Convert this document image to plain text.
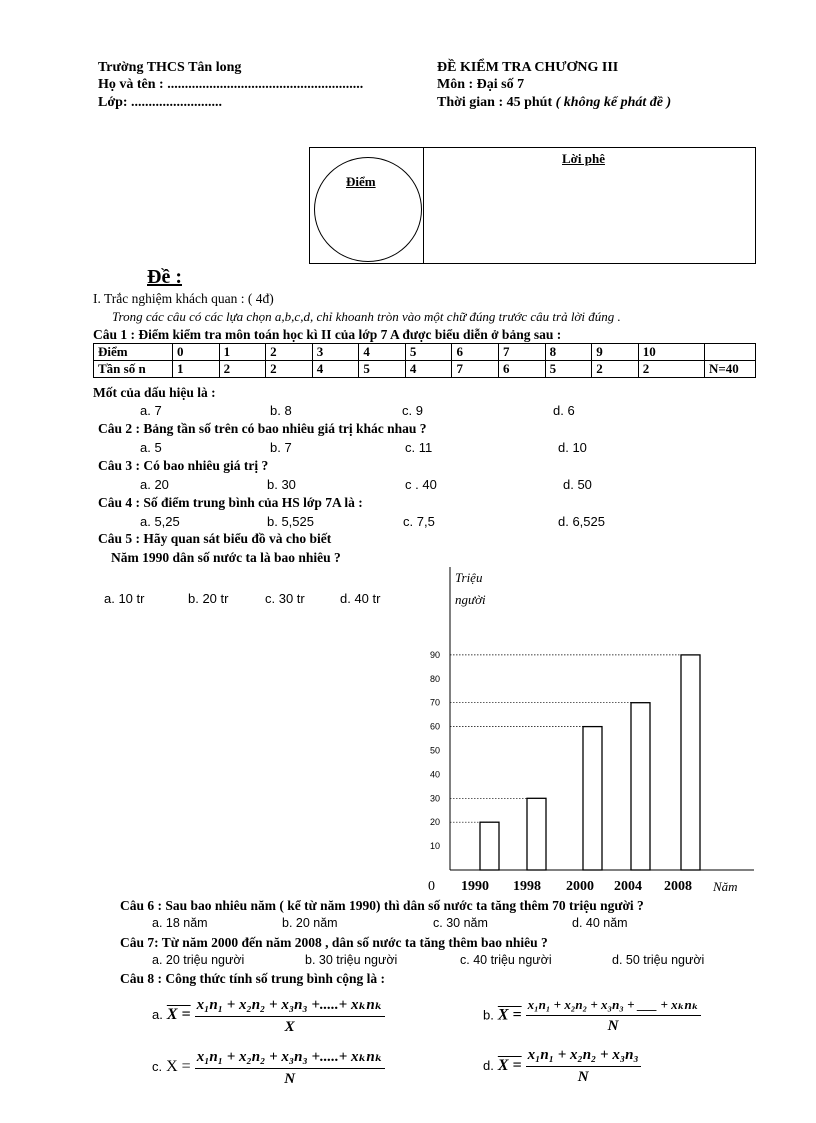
Trường THCS Tân long
Họ và tên : ........................................................
Lớp: ..........................
ĐỀ KIỂM TRA CHƯƠNG III
Môn : Đại số 7
Thời gian : 45 phút ( không kể phát đề )
Điểm
Lời phê
Đề :
I. Trắc nghiệm khách quan : ( 4đ)
Trong các câu có các lựa chọn a,b,c,d, chỉ khoanh tròn vào một chữ đúng trước câu trả lời đúng .
Câu 1 : Điểm kiểm tra môn toán học kì II của lớp 7 A được biểu diễn ở bảng sau :
Điểm	0	1	2	3	4	5	6	7	8	9	10	
Tần số n	1	2	2	4	5	4	7	6	5	2	2	N=40
Mốt của dấu hiệu là :
a. 7	b. 8	c. 9	d. 6
Câu 2 : Bảng tần số trên có bao nhiêu giá trị khác nhau ?
a. 5	b. 7	c. 11	d. 10
Câu 3 : Có bao nhiêu giá trị ?
a. 20	b. 30	c . 40	d. 50
Câu 4 : Số điểm trung bình của HS lớp 7A là :
a. 5,25	b. 5,525	c. 7,5	d. 6,525
Câu 5 : Hãy quan sát biểu đồ và cho biết
Năm 1990 dân số nước ta là bao nhiêu ?
a. 10 tr	b. 20 tr	c. 30 tr	d. 40 tr
Triệu
người
10
20
30
40
50
60
70
80
90
1990 1998 2000 2004 2008
0	Năm
Câu 6 : Sau bao nhiêu năm ( kể từ năm 1990) thì dân số nước ta tăng thêm 70 triệu người ?
a. 18 năm	b. 20 năm	c. 30 năm	d. 40 năm
Câu 7: Từ năm 2000 đến năm 2008 , dân số nước ta tăng thêm bao nhiêu ?
a. 20 triệu người	b. 30 triệu người	c. 40 triệu người	d. 50 triệu người
Câu 8 : Công thức tính số trung bình cộng là :
a. $X = \frac{\text{x₁n₁ + x₂n₂ + x₃n₃ +.....+ xₖnₖ}}{X}$	b. $X = \frac{\text{x₁n₁ + x₂n₂ + x₃n₃ + \_\_\_ + xₖnₖ}}{N}$
c. $X = \frac{\text{x₁n₁ + x₂n₂ + x₃n₃ +.....+ xₖnₖ}}{N}$	d. $X = \frac{\text{x₁n₁ + x₂n₂ + x₃n₃}}{N}$
